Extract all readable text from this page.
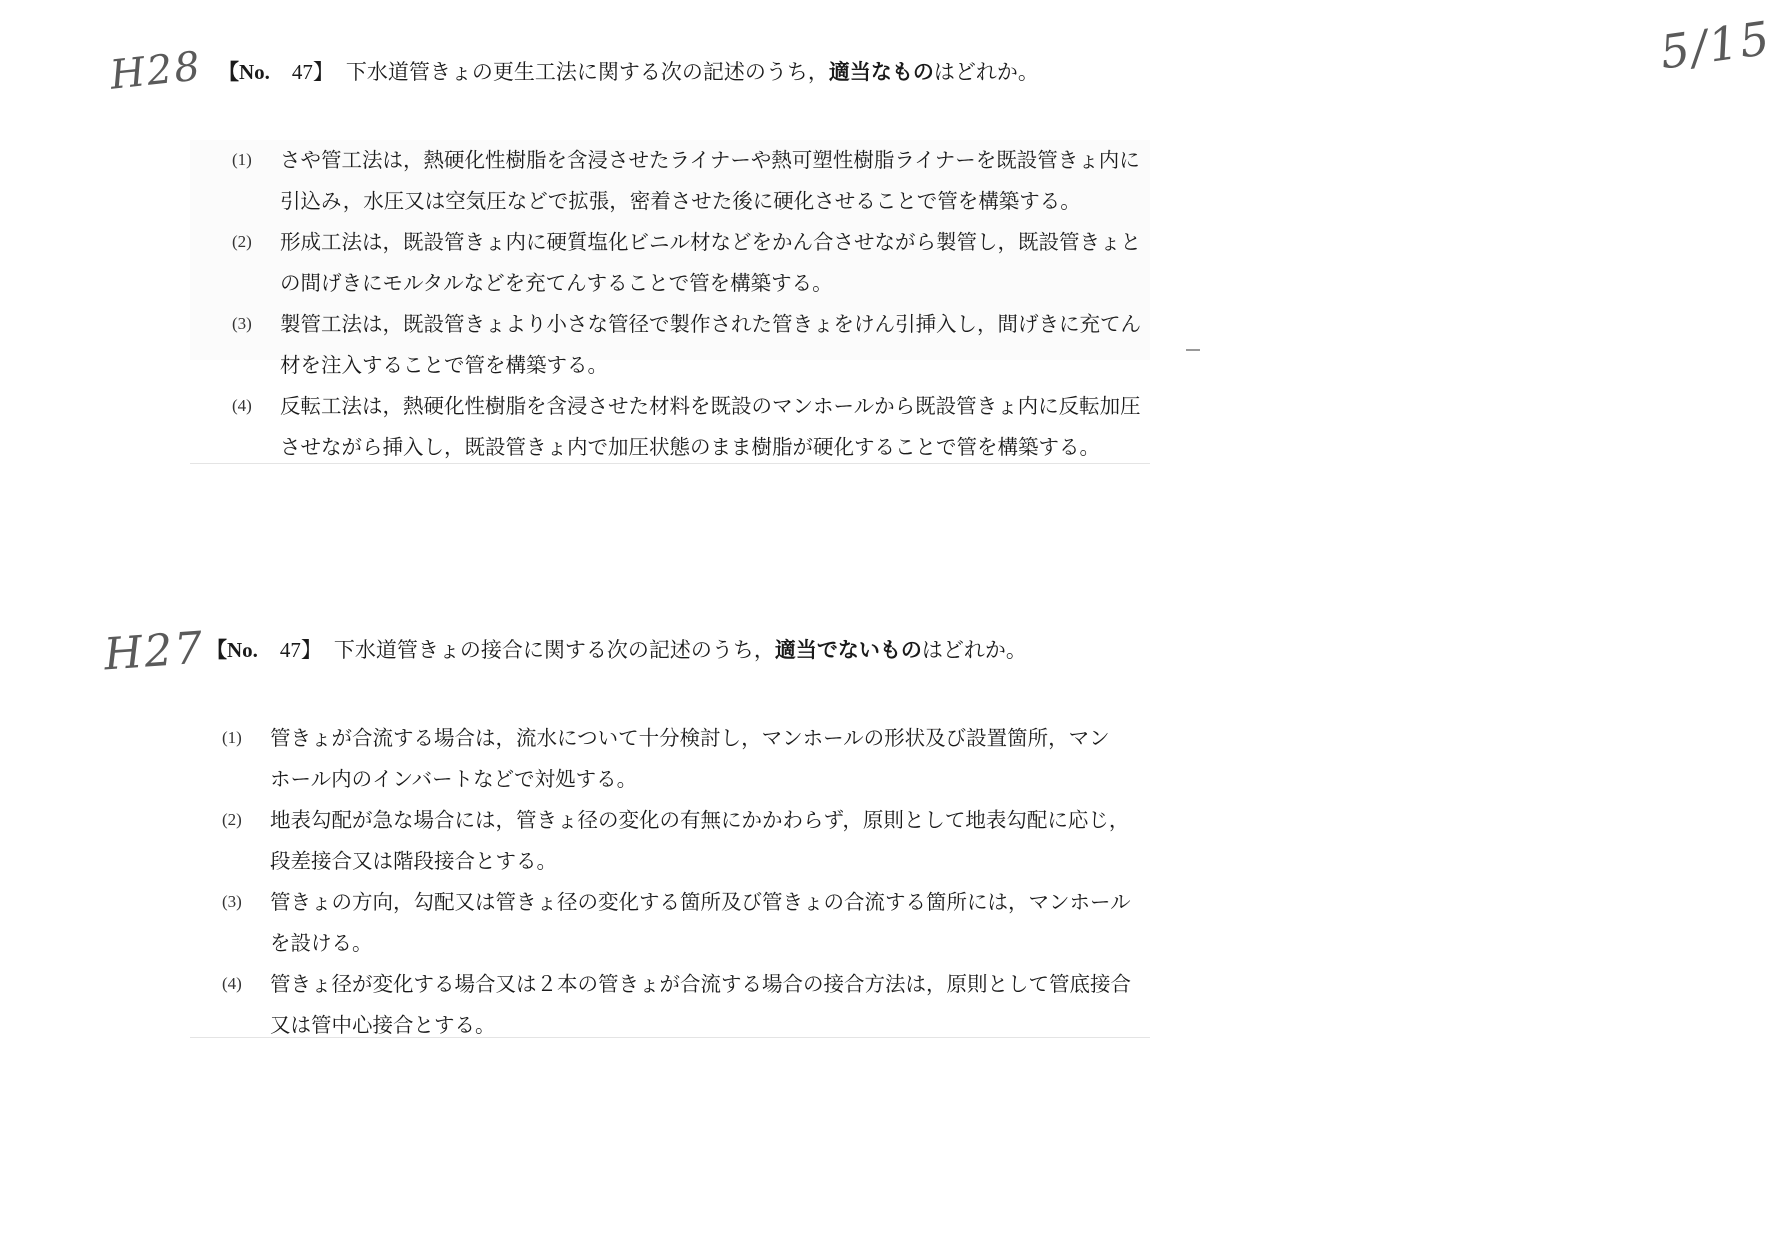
5/15
H28
H27
【No. 47】 下水道管きょの更生工法に関する次の記述のうち，適当なものはどれか。
(1) さや管工法は，熱硬化性樹脂を含浸させたライナーや熱可塑性樹脂ライナーを既設管きょ内に
引込み，水圧又は空気圧などで拡張，密着させた後に硬化させることで管を構築する。
(2) 形成工法は，既設管きょ内に硬質塩化ビニル材などをかん合させながら製管し，既設管きょと
の間げきにモルタルなどを充てんすることで管を構築する。
(3) 製管工法は，既設管きょより小さな管径で製作された管きょをけん引挿入し，間げきに充てん
材を注入することで管を構築する。
(4) 反転工法は，熱硬化性樹脂を含浸させた材料を既設のマンホールから既設管きょ内に反転加圧
させながら挿入し，既設管きょ内で加圧状態のまま樹脂が硬化することで管を構築する。
【No. 47】 下水道管きょの接合に関する次の記述のうち，適当でないものはどれか。
(1) 管きょが合流する場合は，流水について十分検討し，マンホールの形状及び設置箇所，マン
ホール内のインバートなどで対処する。
(2) 地表勾配が急な場合には，管きょ径の変化の有無にかかわらず，原則として地表勾配に応じ，
段差接合又は階段接合とする。
(3) 管きょの方向，勾配又は管きょ径の変化する箇所及び管きょの合流する箇所には，マンホール
を設ける。
(4) 管きょ径が変化する場合又は２本の管きょが合流する場合の接合方法は，原則として管底接合
又は管中心接合とする。
